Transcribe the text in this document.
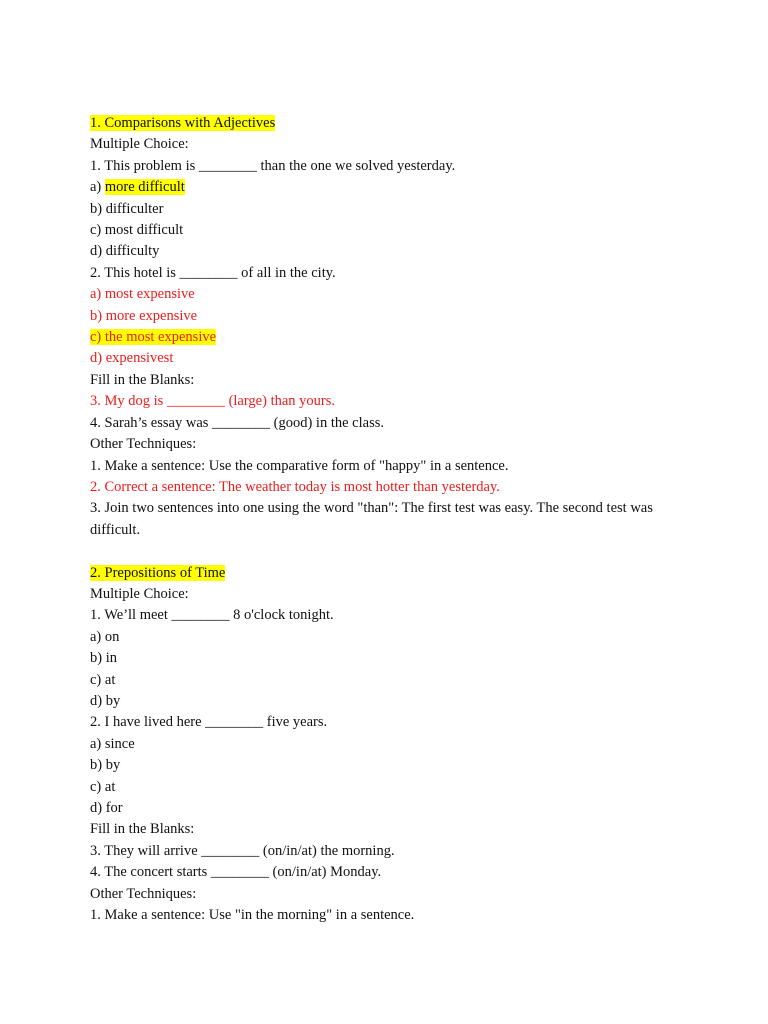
1. Comparisons with Adjectives
Multiple Choice:
1. This problem is ________ than the one we solved yesterday.
a) more difficult
b) difficulter
c) most difficult
d) difficulty
2. This hotel is ________ of all in the city.
a) most expensive
b) more expensive
c) the most expensive
d) expensivest
Fill in the Blanks:
3. My dog is ________ (large) than yours.
4. Sarah’s essay was ________ (good) in the class.
Other Techniques:
1. Make a sentence: Use the comparative form of "happy" in a sentence.
2. Correct a sentence: The weather today is most hotter than yesterday.
3. Join two sentences into one using the word "than": The first test was easy. The second test was difficult.
2. Prepositions of Time
Multiple Choice:
1. We’ll meet ________ 8 o'clock tonight.
a) on
b) in
c) at
d) by
2. I have lived here ________ five years.
a) since
b) by
c) at
d) for
Fill in the Blanks:
3. They will arrive ________ (on/in/at) the morning.
4. The concert starts ________ (on/in/at) Monday.
Other Techniques:
1. Make a sentence: Use "in the morning" in a sentence.
